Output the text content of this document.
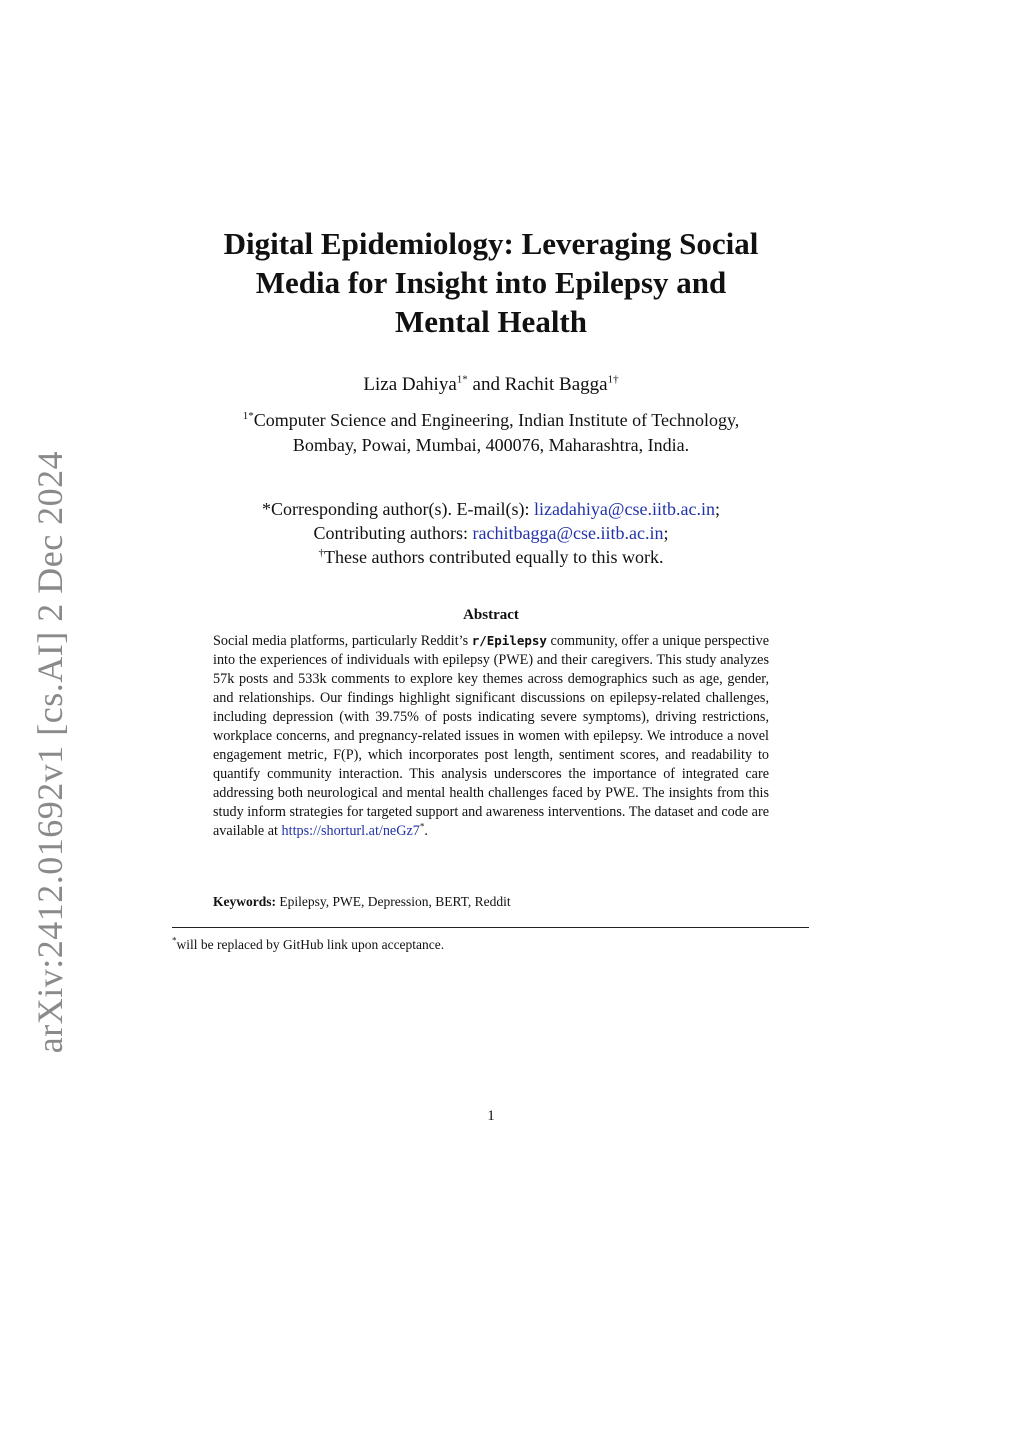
arXiv:2412.01692v1 [cs.AI] 2 Dec 2024
Digital Epidemiology: Leveraging Social
Media for Insight into Epilepsy and
Mental Health
Liza Dahiya$^{1*}$ and Rachit Bagga$^{1\dagger}$
$^{1*}$Computer Science and Engineering, Indian Institute of Technology,
Bombay, Powai, Mumbai, 400076, Maharashtra, India.
*Corresponding author(s). E-mail(s): lizadahiya@cse.iitb.ac.in;
Contributing authors: rachitbagga@cse.iitb.ac.in;
†These authors contributed equally to this work.
Abstract
Social media platforms, particularly Reddit’s r/Epilepsy community, offer a unique perspective into the experiences of individuals with epilepsy (PWE) and their caregivers. This study analyzes 57k posts and 533k comments to explore key themes across demographics such as age, gender, and relationships. Our findings highlight significant discussions on epilepsy-related challenges, including depression (with 39.75% of posts indicating severe symptoms), driving restrictions, workplace concerns, and pregnancy-related issues in women with epilepsy. We introduce a novel engagement metric, F(P), which incorporates post length, sentiment scores, and readability to quantify community interaction. This analysis underscores the importance of integrated care addressing both neurological and mental health challenges faced by PWE. The insights from this study inform strategies for targeted support and awareness interventions. The dataset and code are available at https://shorturl.at/neGz7*.
Keywords: Epilepsy, PWE, Depression, BERT, Reddit
*will be replaced by GitHub link upon acceptance.
1
